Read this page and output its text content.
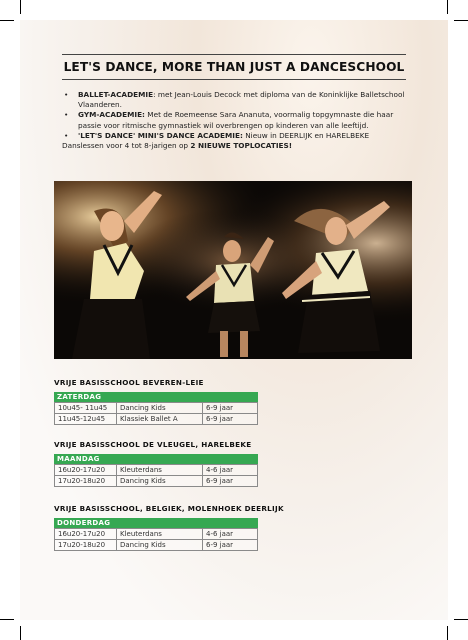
LET'S DANCE, MORE THAN JUST A DANCESCHOOL
• BALLET-ACADEMIE: met Jean-Louis Decock met diploma van de Koninklijke Balletschool Vlaanderen.
• GYM-ACADEMIE: Met de Roemeense Sara Ananuta, voormalig topgymnaste die haar passie voor ritmische gymnastiek wil overbrengen op kinderen van alle leeftijd.
• 'LET'S DANCE' MINI'S DANCE ACADEMIE: Nieuw in DEERLIJK en HARELBEKE
Danslessen voor 4 tot 8-jarigen op 2 NIEUWE TOPLOCATIES!
VRIJE BASISSCHOOL BEVEREN-LEIE
ZATERDAG
10u45- 11u45	Dancing Kids	6-9 jaar
11u45-12u45	Klassiek Ballet A	6-9 jaar
VRIJE BASISSCHOOL DE VLEUGEL, HARELBEKE
MAANDAG
16u20-17u20	Kleuterdans	4-6 jaar
17u20-18u20	Dancing Kids	6-9 jaar
VRIJE BASISSCHOOL, BELGIEK, MOLENHOEK DEERLIJK
DONDERDAG
16u20-17u20	Kleuterdans	4-6 jaar
17u20-18u20	Dancing Kids	6-9 jaar
